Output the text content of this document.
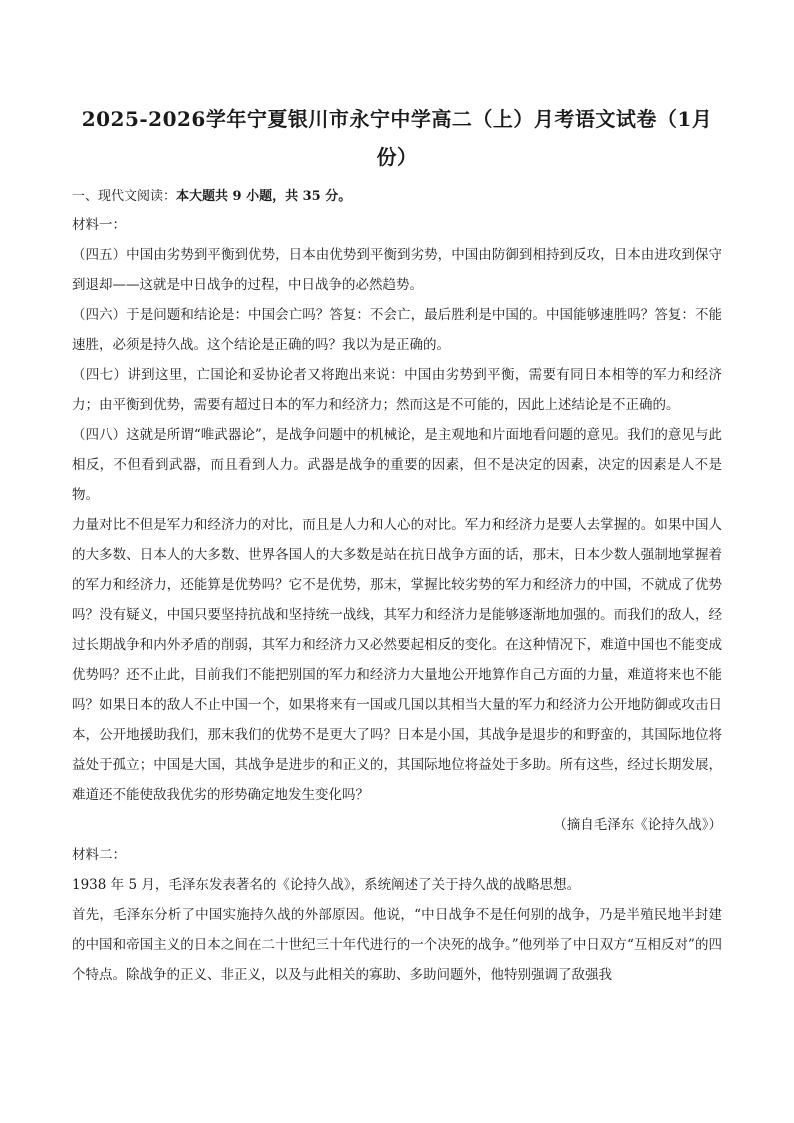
2025-2026学年宁夏银川市永宁中学高二（上）月考语文试卷（1月份）

一、现代文阅读：本大题共 9 小题，共 35 分。

材料一：

（四五）中国由劣势到平衡到优势，日本由优势到平衡到劣势，中国由防御到相持到反攻，日本由进攻到保守到退却——这就是中日战争的过程，中日战争的必然趋势。

（四六）于是问题和结论是：中国会亡吗？答复：不会亡，最后胜利是中国的。中国能够速胜吗？答复：不能速胜，必须是持久战。这个结论是正确的吗？我以为是正确的。

（四七）讲到这里，亡国论和妥协论者又将跑出来说：中国由劣势到平衡，需要有同日本相等的军力和经济力；由平衡到优势，需要有超过日本的军力和经济力；然而这是不可能的，因此上述结论是不正确的。

（四八）这就是所谓“唯武器论”，是战争问题中的机械论，是主观地和片面地看问题的意见。我们的意见与此相反，不但看到武器，而且看到人力。武器是战争的重要的因素，但不是决定的因素，决定的因素是人不是物。

力量对比不但是军力和经济力的对比，而且是人力和人心的对比。军力和经济力是要人去掌握的。如果中国人的大多数、日本人的大多数、世界各国人的大多数是站在抗日战争方面的话，那末，日本少数人强制地掌握着的军力和经济力，还能算是优势吗？它不是优势，那末，掌握比较劣势的军力和经济力的中国，不就成了优势吗？没有疑义，中国只要坚持抗战和坚持统一战线，其军力和经济力是能够逐渐地加强的。而我们的敌人，经过长期战争和内外矛盾的削弱，其军力和经济力又必然要起相反的变化。在这种情况下，难道中国也不能变成优势吗？还不止此，目前我们不能把别国的军力和经济力大量地公开地算作自己方面的力量，难道将来也不能吗？如果日本的敌人不止中国一个，如果将来有一国或几国以其相当大量的军力和经济力公开地防御或攻击日本，公开地援助我们，那末我们的优势不是更大了吗？日本是小国，其战争是退步的和野蛮的，其国际地位将益处于孤立；中国是大国，其战争是进步的和正义的，其国际地位将益处于多助。所有这些，经过长期发展，难道还不能使敌我优劣的形势确定地发生变化吗？

（摘自毛泽东《论持久战》）

材料二：

1938 年 5 月，毛泽东发表著名的《论持久战》，系统阐述了关于持久战的战略思想。

首先，毛泽东分析了中国实施持久战的外部原因。他说，“中日战争不是任何别的战争，乃是半殖民地半封建的中国和帝国主义的日本之间在二十世纪三十年代进行的一个决死的战争。”他列举了中日双方“互相反对”的四个特点。除战争的正义、非正义，以及与此相关的寡助、多助问题外，他特别强调了敌强我
